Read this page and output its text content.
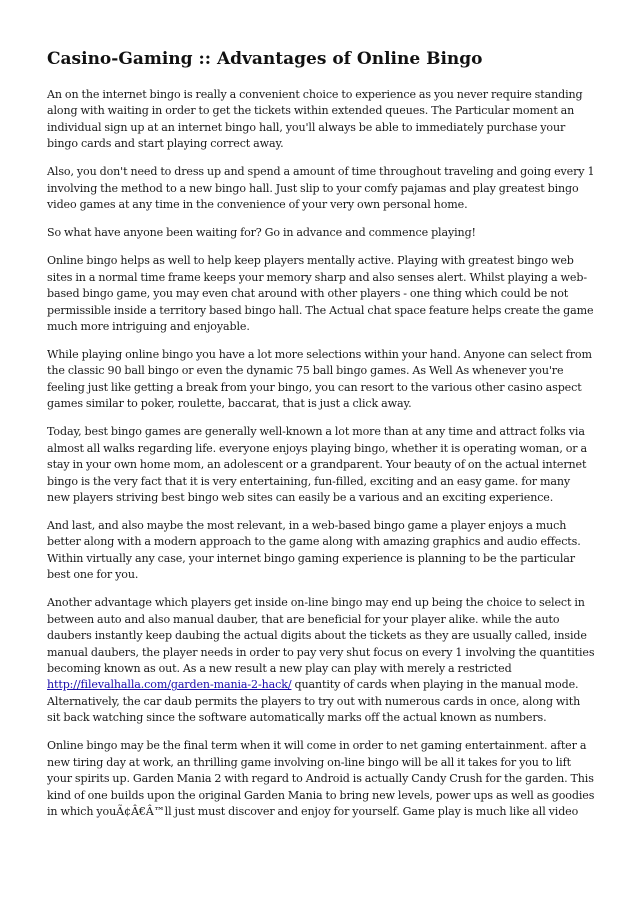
Casino-Gaming :: Advantages of Online Bingo

An on the internet bingo is really a convenient choice to experience as you never require standing along with waiting in order to get the tickets within extended queues. The Particular moment an individual sign up at an internet bingo hall, you'll always be able to immediately purchase your bingo cards and start playing correct away.

Also, you don't need to dress up and spend a amount of time throughout traveling and going every 1 involving the method to a new bingo hall. Just slip to your comfy pajamas and play greatest bingo video games at any time in the convenience of your very own personal home.

So what have anyone been waiting for? Go in advance and commence playing!

Online bingo helps as well to help keep players mentally active. Playing with greatest bingo web sites in a normal time frame keeps your memory sharp and also senses alert. Whilst playing a web-based bingo game, you may even chat around with other players - one thing which could be not permissible inside a territory based bingo hall. The Actual chat space feature helps create the game much more intriguing and enjoyable.

While playing online bingo you have a lot more selections within your hand. Anyone can select from the classic 90 ball bingo or even the dynamic 75 ball bingo games. As Well As whenever you're feeling just like getting a break from your bingo, you can resort to the various other casino aspect games similar to poker, roulette, baccarat, that is just a click away.

Today, best bingo games are generally well-known a lot more than at any time and attract folks via almost all walks regarding life. everyone enjoys playing bingo, whether it is operating woman, or a stay in your own home mom, an adolescent or a grandparent. Your beauty of on the actual internet bingo is the very fact that it is very entertaining, fun-filled, exciting and an easy game. for many new players striving best bingo web sites can easily be a various and an exciting experience.

And last, and also maybe the most relevant, in a web-based bingo game a player enjoys a much better along with a modern approach to the game along with amazing graphics and audio effects. Within virtually any case, your internet bingo gaming experience is planning to be the particular best one for you.

Another advantage which players get inside on-line bingo may end up being the choice to select in between auto and also manual dauber, that are beneficial for your player alike. while the auto daubers instantly keep daubing the actual digits about the tickets as they are usually called, inside manual daubers, the player needs in order to pay very shut focus on every 1 involving the quantities becoming known as out. As a new result a new play can play with merely a restricted http://filevalhalla.com/garden-mania-2-hack/ quantity of cards when playing in the manual mode. Alternatively, the car daub permits the players to try out with numerous cards in once, along with sit back watching since the software automatically marks off the actual known as numbers.

Online bingo may be the final term when it will come in order to net gaming entertainment. after a new tiring day at work, an thrilling game involving on-line bingo will be all it takes for you to lift your spirits up. Garden Mania 2 with regard to Android is actually Candy Crush for the garden. This kind of one builds upon the original Garden Mania to bring new levels, power ups as well as goodies in which youÃ¢Â€Â™ll just must discover and enjoy for yourself. Game play is much like all video
